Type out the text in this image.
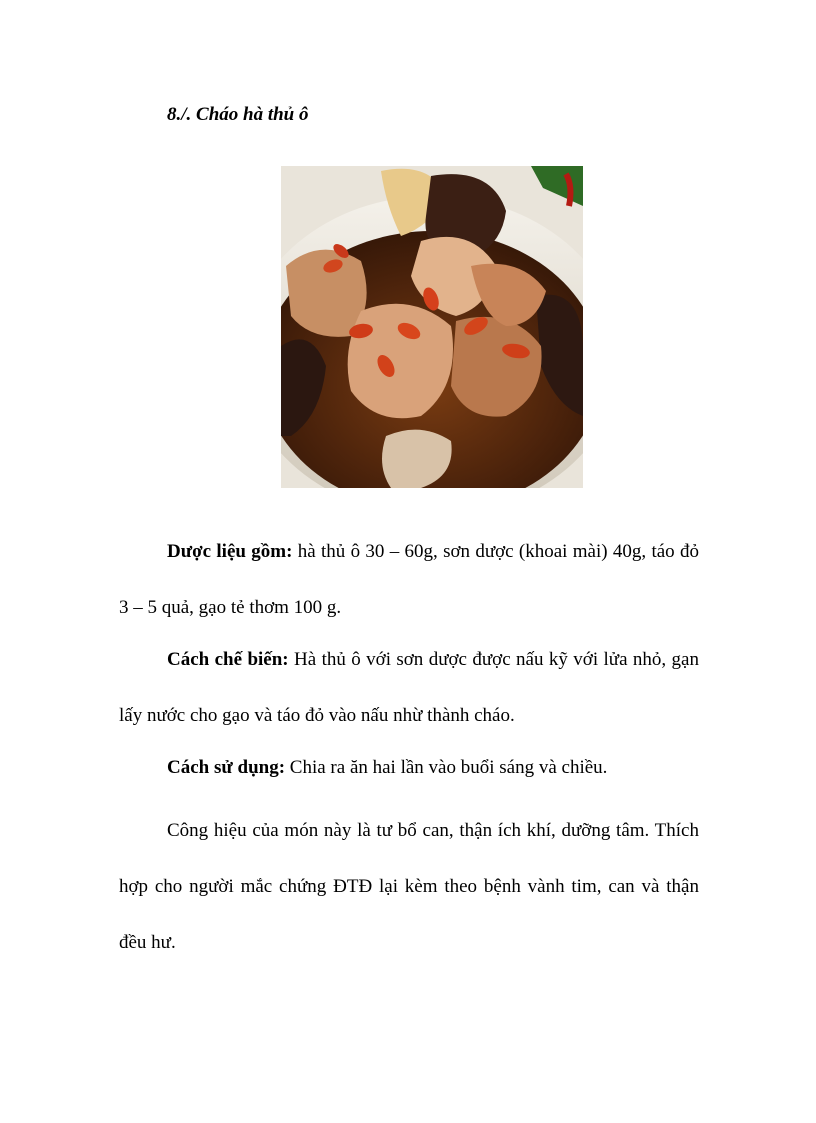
8./. Cháo hà thủ ô

Dược liệu gồm: hà thủ ô 30 – 60g, sơn dược (khoai mài) 40g, táo đỏ 3 – 5 quả, gạo tẻ thơm 100 g.

Cách chế biến: Hà thủ ô với sơn dược được nấu kỹ với lửa nhỏ, gạn lấy nước cho gạo và táo đỏ vào nấu nhừ thành cháo.

Cách sử dụng: Chia ra ăn hai lần vào buổi sáng và chiều.

Công hiệu của món này là tư bổ can, thận ích khí, dưỡng tâm. Thích hợp cho người mắc chứng ĐTĐ lại kèm theo bệnh vành tim, can và thận đều hư.
